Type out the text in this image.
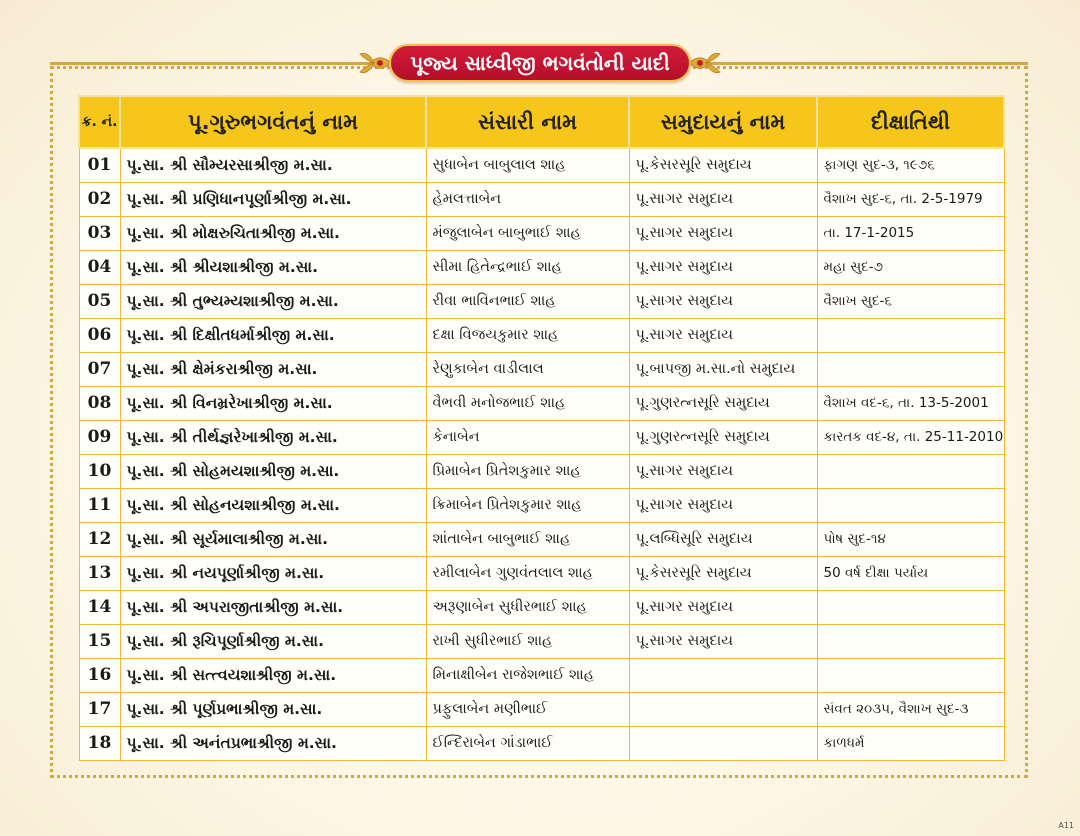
પૂજ્ય સાધ્વીજી ભગવંતોની યાદી
ક્ર. નં.	પૂ.ગુરુભગવંતનું નામ	સંસારી નામ	સમુદાયનું નામ	દીક્ષાતિથી
01	પૂ.સા. શ્રી સૌમ્યરસાશ્રીજી મ.સા.	સુધાબેન બાબુલાલ શાહ	પૂ.કેસરસૂરિ સમુદાય	ફાગણ સુદ-૩, ૧૯૭૬
02	પૂ.સા. શ્રી પ્રણિધાનપૂર્ણાશ્રીજી મ.સા.	હેમલત્તાબેન	પૂ.સાગર સમુદાય	વૈશાખ સુદ-૬, તા. 2-5-1979
03	પૂ.સા. શ્રી મોક્ષરુચિતાશ્રીજી મ.સા.	મંજુલાબેન બાબુભાઈ શાહ	પૂ.સાગર સમુદાય	તા. 17-1-2015
04	પૂ.સા. શ્રી શ્રીયશાશ્રીજી મ.સા.	સીમા હિતેન્દ્રભાઈ શાહ	પૂ.સાગર સમુદાય	મહા સુદ-૭
05	પૂ.સા. શ્રી તુભ્યમ્યશાશ્રીજી મ.સા.	રીવા ભાવિનભાઈ શાહ	પૂ.સાગર સમુદાય	વૈશાખ સુદ-૬
06	પૂ.સા. શ્રી દિક્ષીતધર્માશ્રીજી મ.સા.	દક્ષા વિજયકુમાર શાહ	પૂ.સાગર સમુદાય	
07	પૂ.સા. શ્રી ક્ષેમંકરાશ્રીજી મ.સા.	રેણુકાબેન વાડીલાલ	પૂ.બાપજી મ.સા.નો સમુદાય	
08	પૂ.સા. શ્રી વિનમ્રરેખાશ્રીજી મ.સા.	વૈભવી મનોજભાઈ શાહ	પૂ.ગુણરત્નસૂરિ સમુદાય	વૈશાખ વદ-૬, તા. 13-5-2001
09	પૂ.સા. શ્રી તીર્થજ્ઞરેખાશ્રીજી મ.સા.	કેનાબેન	પૂ.ગુણરત્નસૂરિ સમુદાય	કારતક વદ-૪, તા. 25-11-2010
10	પૂ.સા. શ્રી સોહમયશાશ્રીજી મ.સા.	પ્રિમાબેન પ્રિતેશકુમાર શાહ	પૂ.સાગર સમુદાય	
11	પૂ.સા. શ્રી સોહનયશાશ્રીજી મ.સા.	ક્રિમાબેન પ્રિતેશકુમાર શાહ	પૂ.સાગર સમુદાય	
12	પૂ.સા. શ્રી સૂર્યમાલાશ્રીજી મ.સા.	શાંતાબેન બાબુભાઈ શાહ	પૂ.લબ્ધિસૂરિ સમુદાય	પોષ સુદ-૧૪
13	પૂ.સા. શ્રી નયપૂર્ણાશ્રીજી મ.સા.	રમીલાબેન ગુણવંતલાલ શાહ	પૂ.કેસરસૂરિ સમુદાય	50 વર્ષ દીક્ષા પર્યાય
14	પૂ.સા. શ્રી અપરાજીતાશ્રીજી મ.સા.	અરૂણાબેન સુધીરભાઈ શાહ	પૂ.સાગર સમુદાય	
15	પૂ.સા. શ્રી રૂચિપૂર્ણાશ્રીજી મ.સા.	રાખી સુધીરભાઈ શાહ	પૂ.સાગર સમુદાય	
16	પૂ.સા. શ્રી સત્ત્વયશાશ્રીજી મ.સા.	મિનાક્ષીબેન રાજેશભાઈ શાહ		
17	પૂ.સા. શ્રી પૂર્ણપ્રભાશ્રીજી મ.સા.	પ્રફુલાબેન મણીભાઈ		સંવત ૨૦૩૫, વૈશાખ સુદ-૩
18	પૂ.સા. શ્રી અનંતપ્રભાશ્રીજી મ.સા.	ઈન્દિરાબેન ગાંડાભાઈ		કાળધર્મ
A11
